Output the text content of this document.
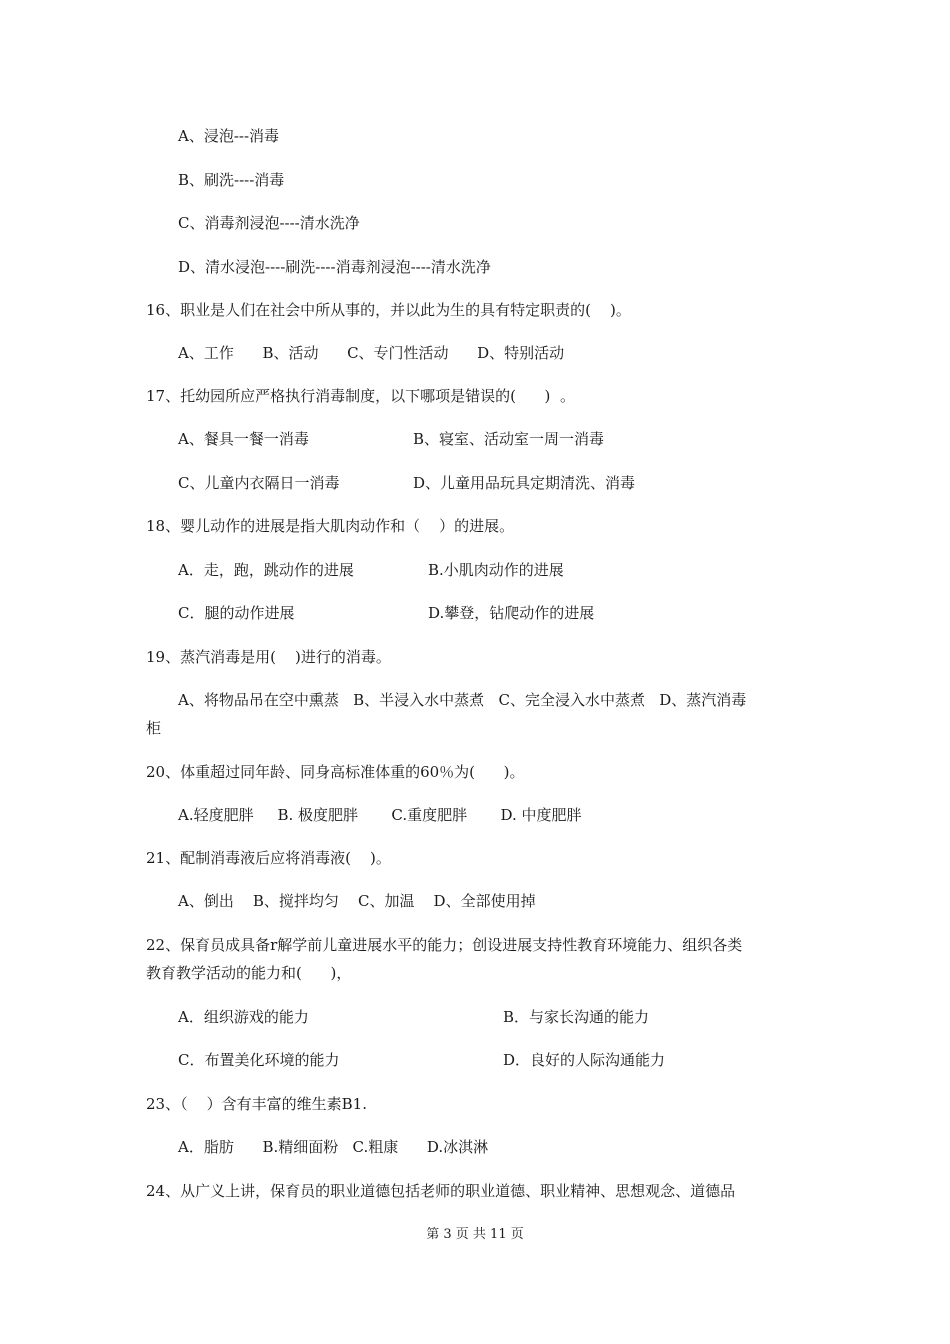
A、浸泡---消毒
B、刷洗----消毒
C、消毒剂浸泡----清水洗净
D、清水浸泡----刷洗----消毒剂浸泡----清水洗净
16、职业是人们在社会中所从事的，并以此为生的具有特定职责的(    )。
A、工作      B、活动      C、专门性活动      D、特别活动
17、托幼园所应严格执行消毒制度，以下哪项是错误的(      )  。
A、餐具一餐一消毒	B、寝室、活动室一周一消毒
C、儿童内衣隔日一消毒	D、儿童用品玩具定期清洗、消毒
18、婴儿动作的进展是指大肌肉动作和（    ）的进展。
A．走，跑，跳动作的进展	B.小肌肉动作的进展
C．腿的动作进展	D.攀登，钻爬动作的进展
19、蒸汽消毒是用(    )进行的消毒。
A、将物品吊在空中熏蒸   B、半浸入水中蒸煮   C、完全浸入水中蒸煮   D、蒸汽消毒
柜
20、体重超过同年龄、同身高标准体重的60％为(      )。
A.轻度肥胖     B. 极度肥胖       C.重度肥胖       D. 中度肥胖
21、配制消毒液后应将消毒液(    )。
A、倒出    B、搅拌均匀    C、加温    D、全部使用掉
22、保育员成具备r解学前儿童进展水平的能力；创设进展支持性教育环境能力、组织各类
教育教学活动的能力和(      )，
A．组织游戏的能力	B．与家长沟通的能力
C．布置美化环境的能力	D．良好的人际沟通能力
23、（    ）含有丰富的维生素B1.
A．脂肪      B.精细面粉   C.粗康      D.冰淇淋
24、从广义上讲，保育员的职业道德包括老师的职业道德、职业精神、思想观念、道德品
第 3 页 共 11 页
